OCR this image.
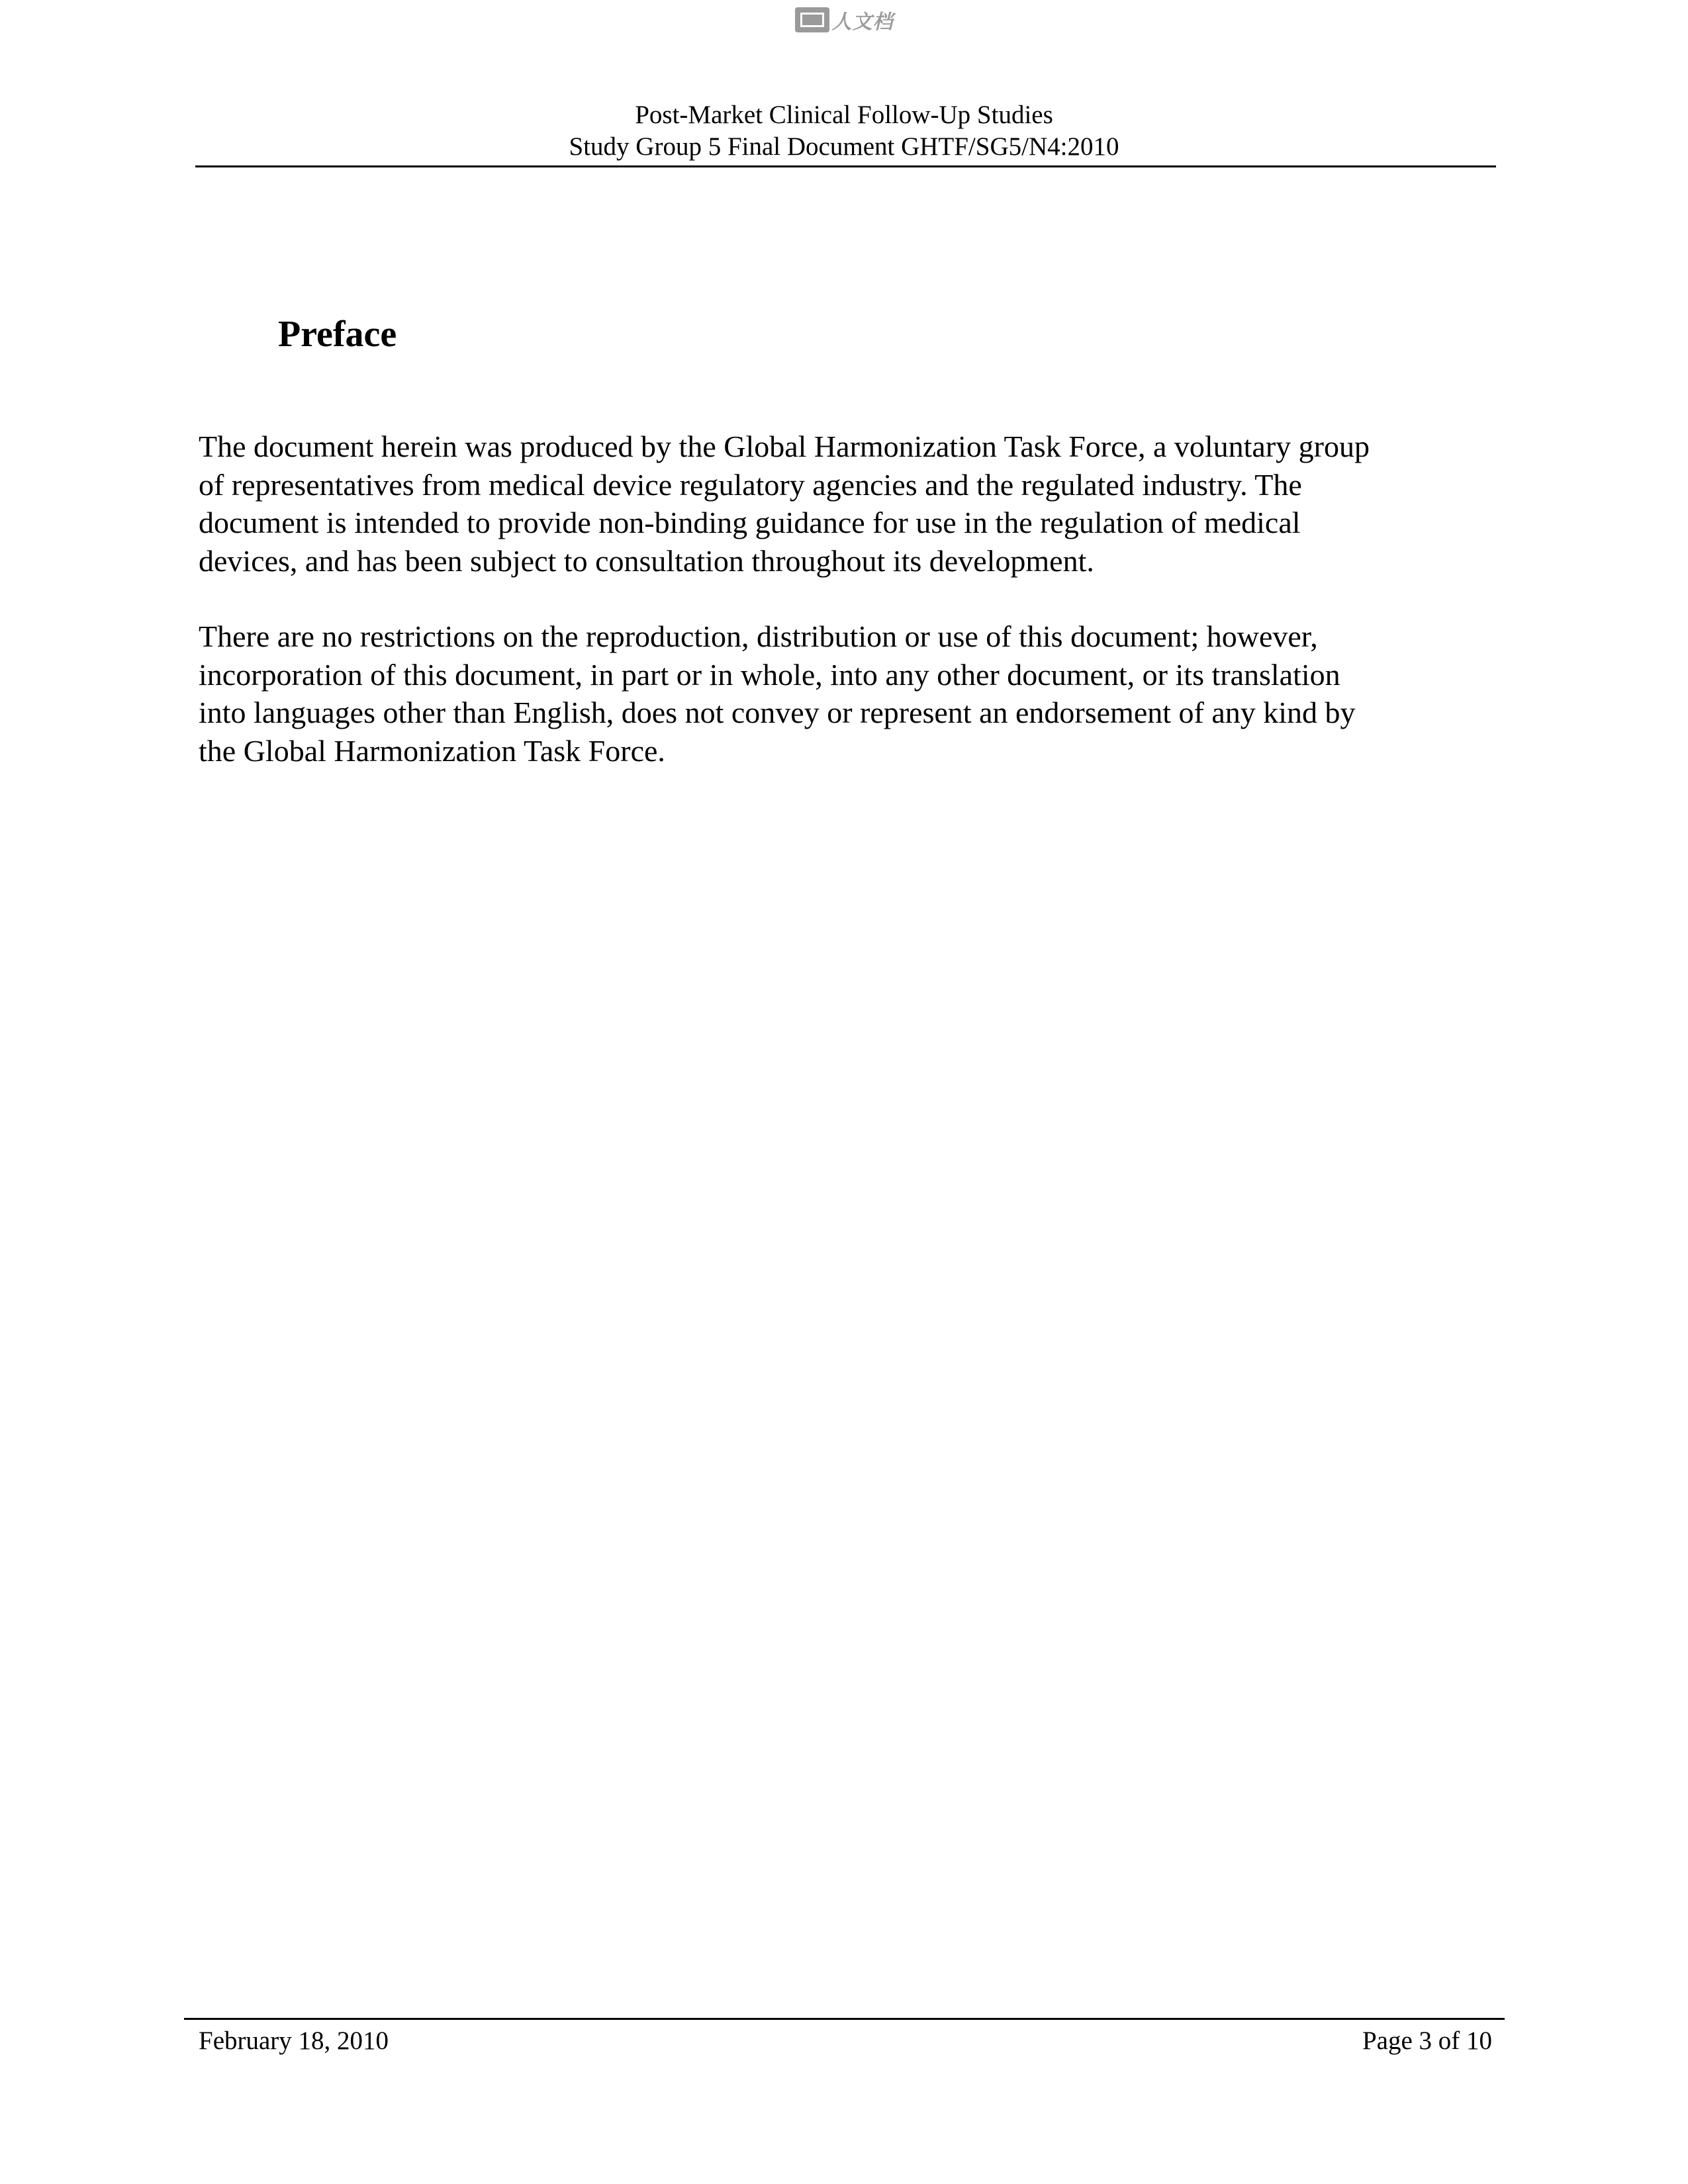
人文档
Post-Market Clinical Follow-Up Studies
Study Group 5 Final Document GHTF/SG5/N4:2010
Preface

The document herein was produced by the Global Harmonization Task Force, a voluntary group
of representatives from medical device regulatory agencies and the regulated industry. The
document is intended to provide non-binding guidance for use in the regulation of medical
devices, and has been subject to consultation throughout its development.

There are no restrictions on the reproduction, distribution or use of this document; however,
incorporation of this document, in part or in whole, into any other document, or its translation
into languages other than English, does not convey or represent an endorsement of any kind by
the Global Harmonization Task Force.

February 18, 2010	Page 3 of 10
